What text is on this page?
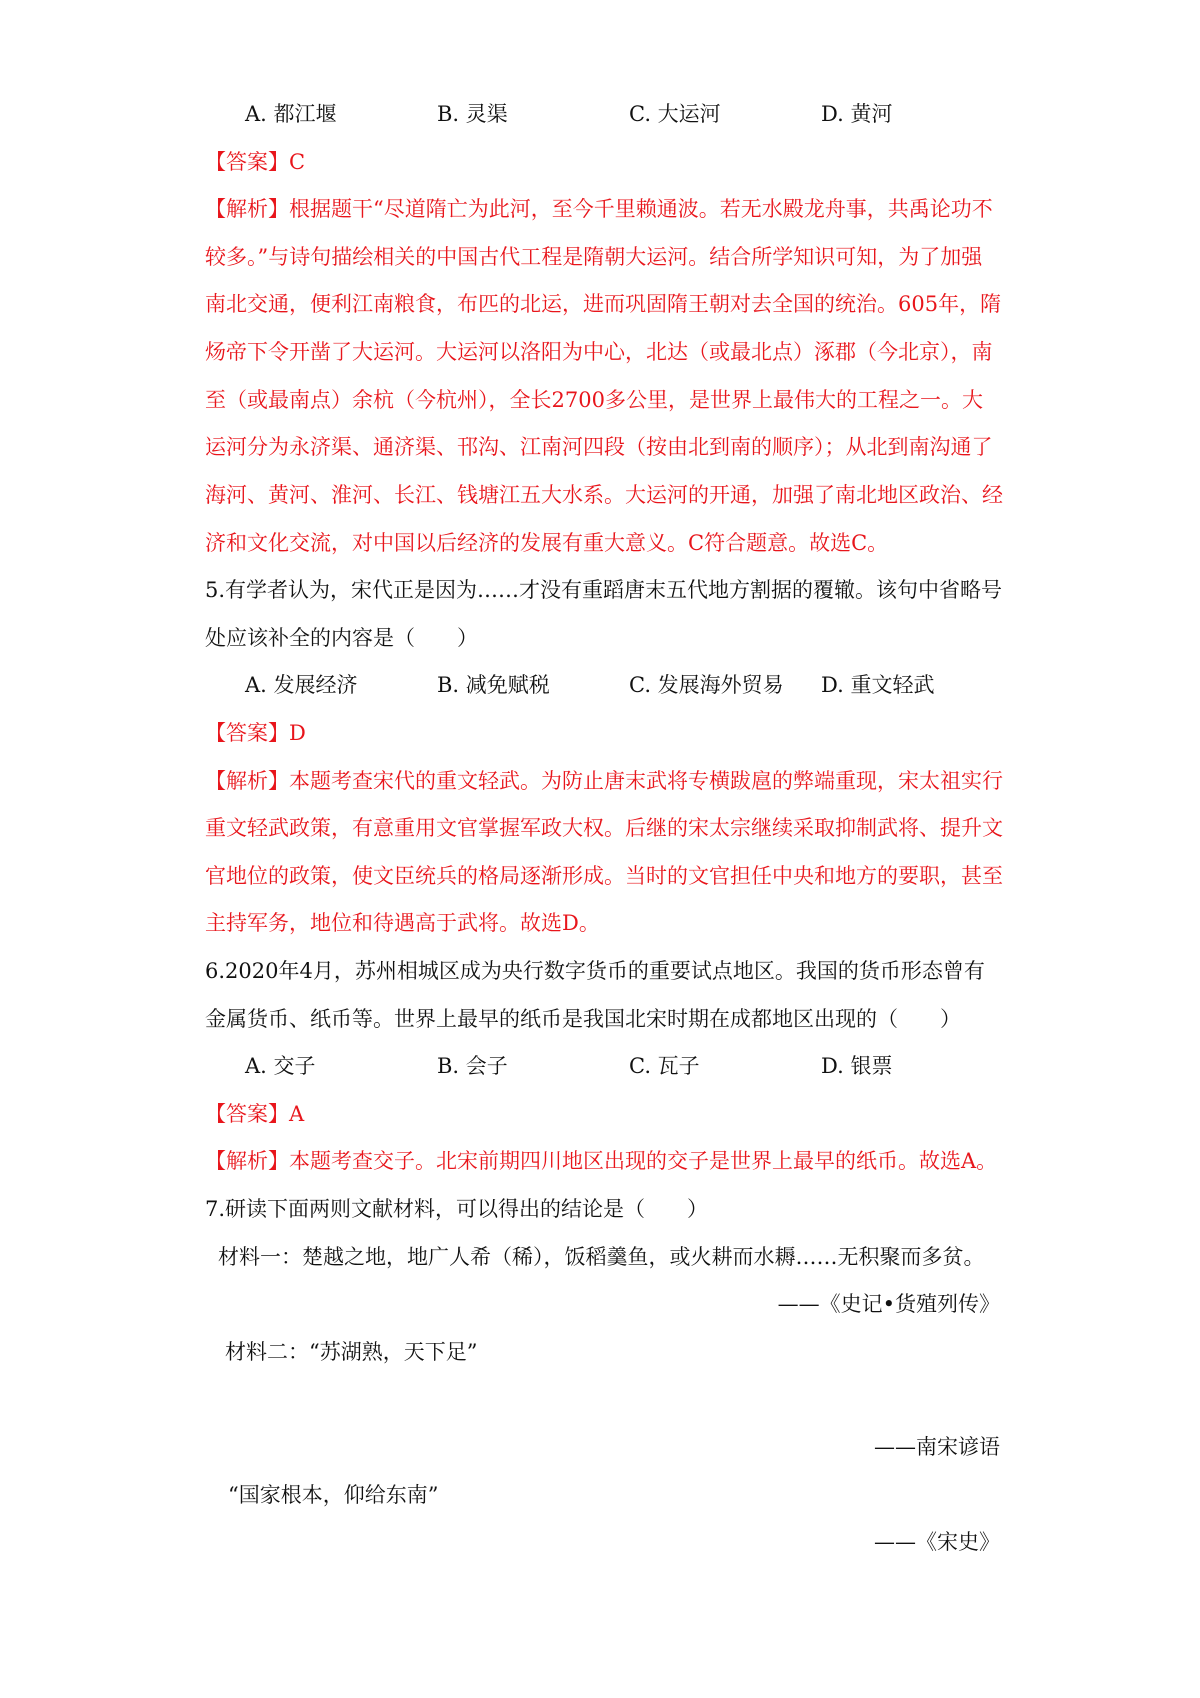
A. 都江堰	B. 灵渠	C. 大运河	D. 黄河
【答案】C
【解析】根据题干“尽道隋亡为此河，至今千里赖通波。若无水殿龙舟事，共禹论功不
较多。”与诗句描绘相关的中国古代工程是隋朝大运河。结合所学知识可知，为了加强
南北交通，便利江南粮食，布匹的北运，进而巩固隋王朝对去全国的统治。605年，隋
炀帝下令开凿了大运河。大运河以洛阳为中心，北达（或最北点）涿郡（今北京），南
至（或最南点）余杭（今杭州），全长2700多公里，是世界上最伟大的工程之一。大
运河分为永济渠、通济渠、邗沟、江南河四段（按由北到南的顺序）；从北到南沟通了
海河、黄河、淮河、长江、钱塘江五大水系。大运河的开通，加强了南北地区政治、经
济和文化交流，对中国以后经济的发展有重大意义。C符合题意。故选C。
5.有学者认为，宋代正是因为……才没有重蹈唐末五代地方割据的覆辙。该句中省略号
处应该补全的内容是（　　）
A. 发展经济	B. 减免赋税	C. 发展海外贸易 D. 重文轻武
【答案】D
【解析】本题考查宋代的重文轻武。为防止唐末武将专横跋扈的弊端重现，宋太祖实行
重文轻武政策，有意重用文官掌握军政大权。后继的宋太宗继续采取抑制武将、提升文
官地位的政策，使文臣统兵的格局逐渐形成。当时的文官担任中央和地方的要职，甚至
主持军务，地位和待遇高于武将。故选D。
6.2020年4月，苏州相城区成为央行数字货币的重要试点地区。我国的货币形态曾有
金属货币、纸币等。世界上最早的纸币是我国北宋时期在成都地区出现的（　　）
A. 交子	B. 会子	C. 瓦子	D. 银票
【答案】A
【解析】本题考查交子。北宋前期四川地区出现的交子是世界上最早的纸币。故选A。
7.研读下面两则文献材料，可以得出的结论是（　　）
材料一：楚越之地，地广人希（稀），饭稻羹鱼，或火耕而水耨……无积聚而多贫。
——《史记•货殖列传》
材料二：“苏湖熟，天下足”
——南宋谚语
“国家根本，仰给东南”
——《宋史》
